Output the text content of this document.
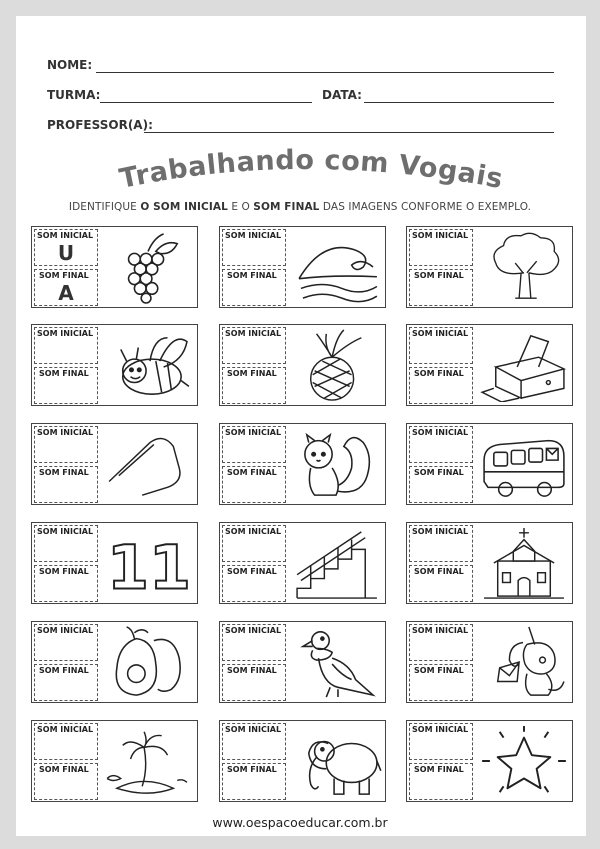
NOME:
TURMA:	DATA:
PROFESSOR(A):
Trabalhando com Vogais
IDENTIFIQUE O SOM INICIAL E O SOM FINAL DAS IMAGENS CONFORME O EXEMPLO.
SOM INICIAL
U
SOM FINAL
A
SOM INICIAL
SOM FINAL
SOM INICIAL
SOM FINAL
SOM INICIAL
SOM FINAL
SOM INICIAL
SOM FINAL
SOM INICIAL
SOM FINAL
SOM INICIAL
SOM FINAL
SOM INICIAL
SOM FINAL
SOM INICIAL
SOM FINAL
SOM INICIAL
SOM FINAL 11
SOM INICIAL
SOM FINAL
SOM INICIAL
SOM FINAL
SOM INICIAL
SOM FINAL
SOM INICIAL
SOM FINAL
SOM INICIAL
SOM FINAL
SOM INICIAL
SOM FINAL
SOM INICIAL
SOM FINAL
SOM INICIAL
SOM FINAL
www.oespacoeducar.com.br
